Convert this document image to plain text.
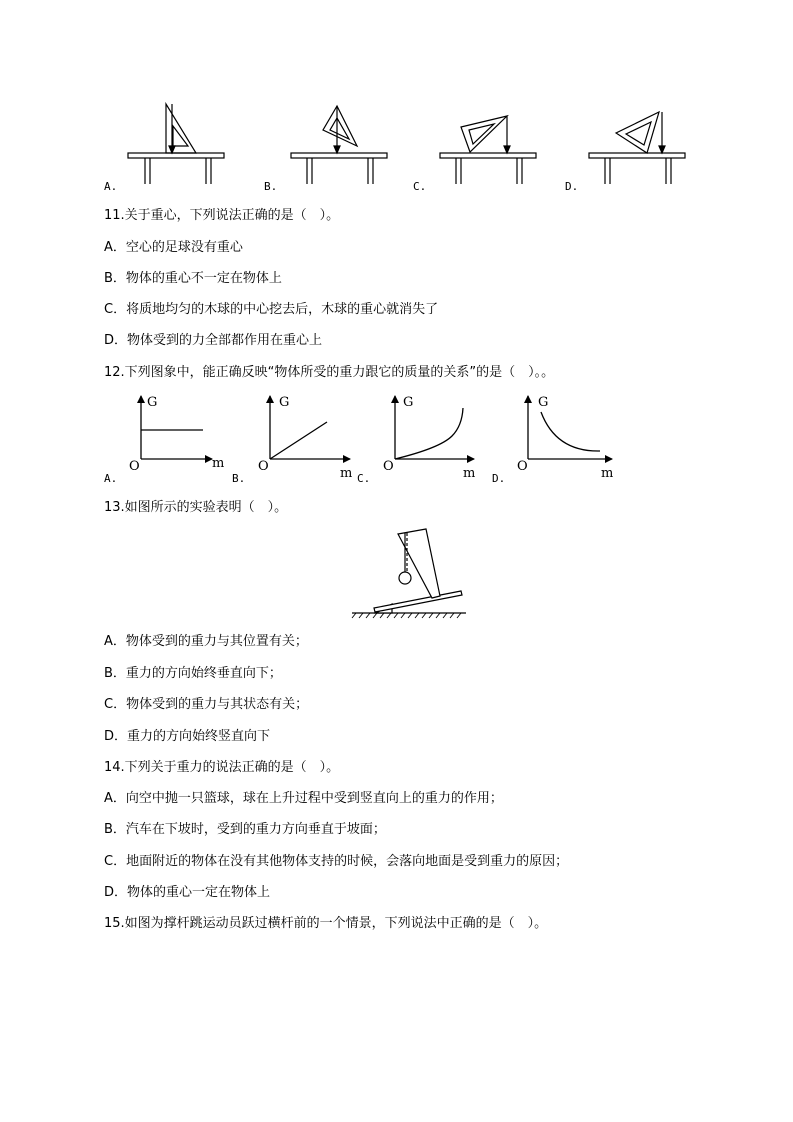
A.	B.	C.	D.
11.关于重心，下列说法正确的是（　）。
A．空心的足球没有重心
B．物体的重心不一定在物体上
C．将质地均匀的木球的中心挖去后，木球的重心就消失了
D．物体受到的力全部都作用在重心上
12.下列图象中，能正确反映“物体所受的重力跟它的质量的关系”的是（　）。。
G
m
O
G
m
O
G
m
O
G
m
O
A.	B.	C.	D.
13.如图所示的实验表明（　）。
A．物体受到的重力与其位置有关；
B．重力的方向始终垂直向下；
C．物体受到的重力与其状态有关；
D．重力的方向始终竖直向下
14.下列关于重力的说法正确的是（　）。
A．向空中抛一只篮球，球在上升过程中受到竖直向上的重力的作用；
B．汽车在下坡时，受到的重力方向垂直于坡面；
C．地面附近的物体在没有其他物体支持的时候，会落向地面是受到重力的原因；
D．物体的重心一定在物体上
15.如图为撑杆跳运动员跃过横杆前的一个情景，下列说法中正确的是（　）。
